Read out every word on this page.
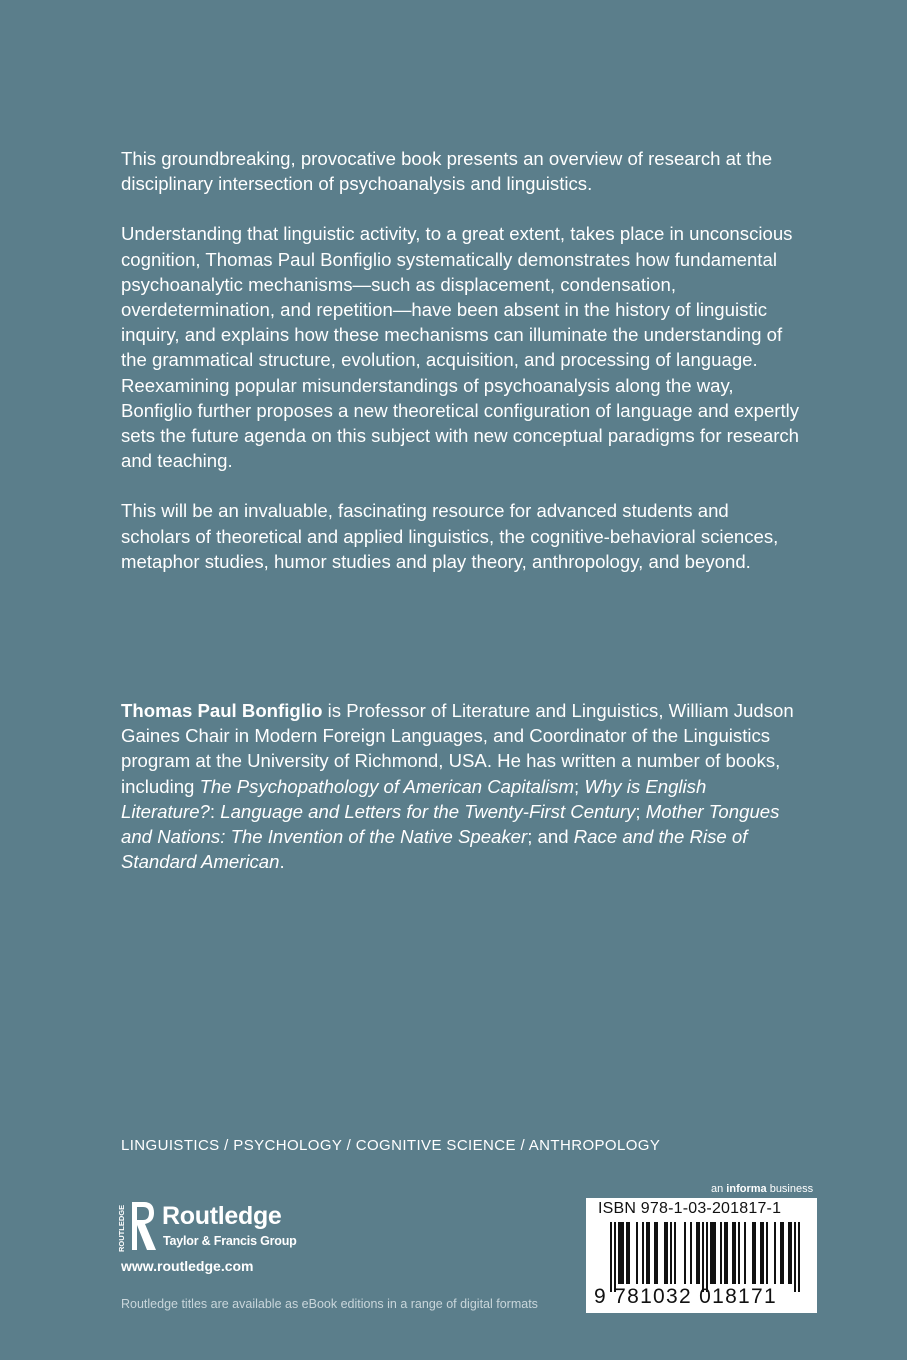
This groundbreaking, provocative book presents an overview of research at the disciplinary intersection of psychoanalysis and linguistics.

Understanding that linguistic activity, to a great extent, takes place in unconscious cognition, Thomas Paul Bonfiglio systematically demonstrates how fundamental psychoanalytic mechanisms—such as displacement, condensation, overdetermination, and repetition—have been absent in the history of linguistic inquiry, and explains how these mechanisms can illuminate the understanding of the grammatical structure, evolution, acquisition, and processing of language. Reexamining popular misunderstandings of psychoanalysis along the way, Bonfiglio further proposes a new theoretical configuration of language and expertly sets the future agenda on this subject with new conceptual paradigms for research and teaching.

This will be an invaluable, fascinating resource for advanced students and scholars of theoretical and applied linguistics, the cognitive-behavioral sciences, metaphor studies, humor studies and play theory, anthropology, and beyond.

Thomas Paul Bonfiglio is Professor of Literature and Linguistics, William Judson Gaines Chair in Modern Foreign Languages, and Coordinator of the Linguistics program at the University of Richmond, USA. He has written a number of books, including The Psychopathology of American Capitalism; Why is English Literature?: Language and Letters for the Twenty-First Century; Mother Tongues and Nations: The Invention of the Native Speaker; and Race and the Rise of Standard American.

LINGUISTICS / PSYCHOLOGY / COGNITIVE SCIENCE / ANTHROPOLOGY
ROUTLEDGE Routledge
Taylor & Francis Group
www.routledge.com
Routledge titles are available as eBook editions in a range of digital formats
an informa business
ISBN 978-1-03-201817-1
9 781032 018171
